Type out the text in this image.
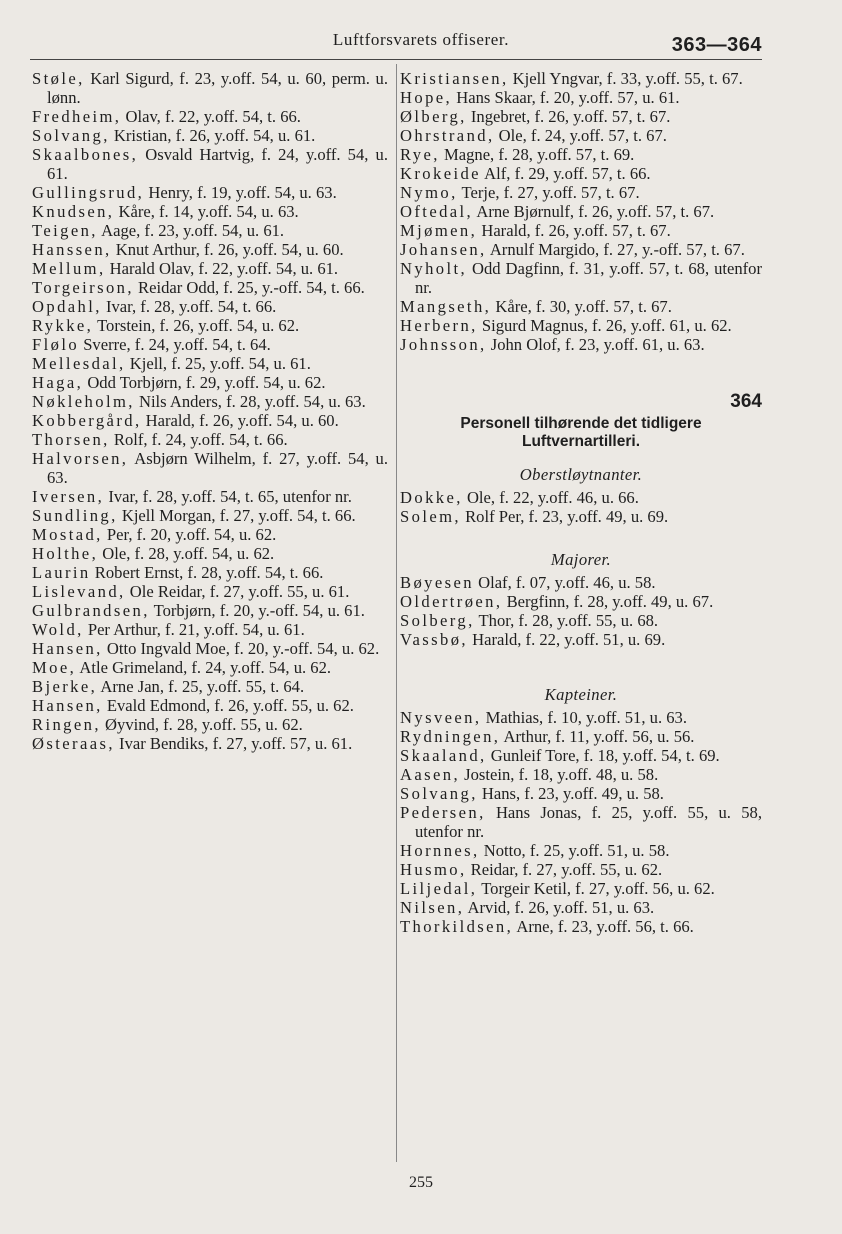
Luftforsvarets offiserer.	363—364
Støle, Karl Sigurd, f. 23, y.off. 54, u. 60, perm. u. lønn.
Fredheim, Olav, f. 22, y.off. 54, t. 66.
Solvang, Kristian, f. 26, y.off. 54, u. 61.
Skaalbones, Osvald Hartvig, f. 24, y.off. 54, u. 61.
Gullingsrud, Henry, f. 19, y.off. 54, u. 63.
Knudsen, Kåre, f. 14, y.off. 54, u. 63.
Teigen, Aage, f. 23, y.off. 54, u. 61.
Hanssen, Knut Arthur, f. 26, y.off. 54, u. 60.
Mellum, Harald Olav, f. 22, y.off. 54, u. 61.
Torgeirson, Reidar Odd, f. 25, y.-off. 54, t. 66.
Opdahl, Ivar, f. 28, y.off. 54, t. 66.
Rykke, Torstein, f. 26, y.off. 54, u. 62.
Flølo Sverre, f. 24, y.off. 54, t. 64.
Mellesdal, Kjell, f. 25, y.off. 54, u. 61.
Haga, Odd Torbjørn, f. 29, y.off. 54, u. 62.
Nøkleholm, Nils Anders, f. 28, y.off. 54, u. 63.
Kobbergård, Harald, f. 26, y.off. 54, u. 60.
Thorsen, Rolf, f. 24, y.off. 54, t. 66.
Halvorsen, Asbjørn Wilhelm, f. 27, y.off. 54, u. 63.
Iversen, Ivar, f. 28, y.off. 54, t. 65, utenfor nr.
Sundling, Kjell Morgan, f. 27, y.off. 54, t. 66.
Mostad, Per, f. 20, y.off. 54, u. 62.
Holthe, Ole, f. 28, y.off. 54, u. 62.
Laurin Robert Ernst, f. 28, y.off. 54, t. 66.
Lislevand, Ole Reidar, f. 27, y.off. 55, u. 61.
Gulbrandsen, Torbjørn, f. 20, y.-off. 54, u. 61.
Wold, Per Arthur, f. 21, y.off. 54, u. 61.
Hansen, Otto Ingvald Moe, f. 20, y.-off. 54, u. 62.
Moe, Atle Grimeland, f. 24, y.off. 54, u. 62.
Bjerke, Arne Jan, f. 25, y.off. 55, t. 64.
Hansen, Evald Edmond, f. 26, y.off. 55, u. 62.
Ringen, Øyvind, f. 28, y.off. 55, u. 62.
Østeraas, Ivar Bendiks, f. 27, y.off. 57, u. 61.
Kristiansen, Kjell Yngvar, f. 33, y.off. 55, t. 67.
Hope, Hans Skaar, f. 20, y.off. 57, u. 61.
Ølberg, Ingebret, f. 26, y.off. 57, t. 67.
Ohrstrand, Ole, f. 24, y.off. 57, t. 67.
Rye, Magne, f. 28, y.off. 57, t. 69.
Krokeide Alf, f. 29, y.off. 57, t. 66.
Nymo, Terje, f. 27, y.off. 57, t. 67.
Oftedal, Arne Bjørnulf, f. 26, y.off. 57, t. 67.
Mjømen, Harald, f. 26, y.off. 57, t. 67.
Johansen, Arnulf Margido, f. 27, y.-off. 57, t. 67.
Nyholt, Odd Dagfinn, f. 31, y.off. 57, t. 68, utenfor nr.
Mangseth, Kåre, f. 30, y.off. 57, t. 67.
Herbern, Sigurd Magnus, f. 26, y.off. 61, u. 62.
Johnsson, John Olof, f. 23, y.off. 61, u. 63.
364
Personell tilhørende det tidligere
Luftvernartilleri.
Oberstløytnanter.
Dokke, Ole, f. 22, y.off. 46, u. 66.
Solem, Rolf Per, f. 23, y.off. 49, u. 69.
Majorer.
Bøyesen Olaf, f. 07, y.off. 46, u. 58.
Oldertrøen, Bergfinn, f. 28, y.off. 49, u. 67.
Solberg, Thor, f. 28, y.off. 55, u. 68.
Vassbø, Harald, f. 22, y.off. 51, u. 69.
Kapteiner.
Nysveen, Mathias, f. 10, y.off. 51, u. 63.
Rydningen, Arthur, f. 11, y.off. 56, u. 56.
Skaaland, Gunleif Tore, f. 18, y.off. 54, t. 69.
Aasen, Jostein, f. 18, y.off. 48, u. 58.
Solvang, Hans, f. 23, y.off. 49, u. 58.
Pedersen, Hans Jonas, f. 25, y.off. 55, u. 58, utenfor nr.
Hornnes, Notto, f. 25, y.off. 51, u. 58.
Husmo, Reidar, f. 27, y.off. 55, u. 62.
Liljedal, Torgeir Ketil, f. 27, y.off. 56, u. 62.
Nilsen, Arvid, f. 26, y.off. 51, u. 63.
Thorkildsen, Arne, f. 23, y.off. 56, t. 66.
255
